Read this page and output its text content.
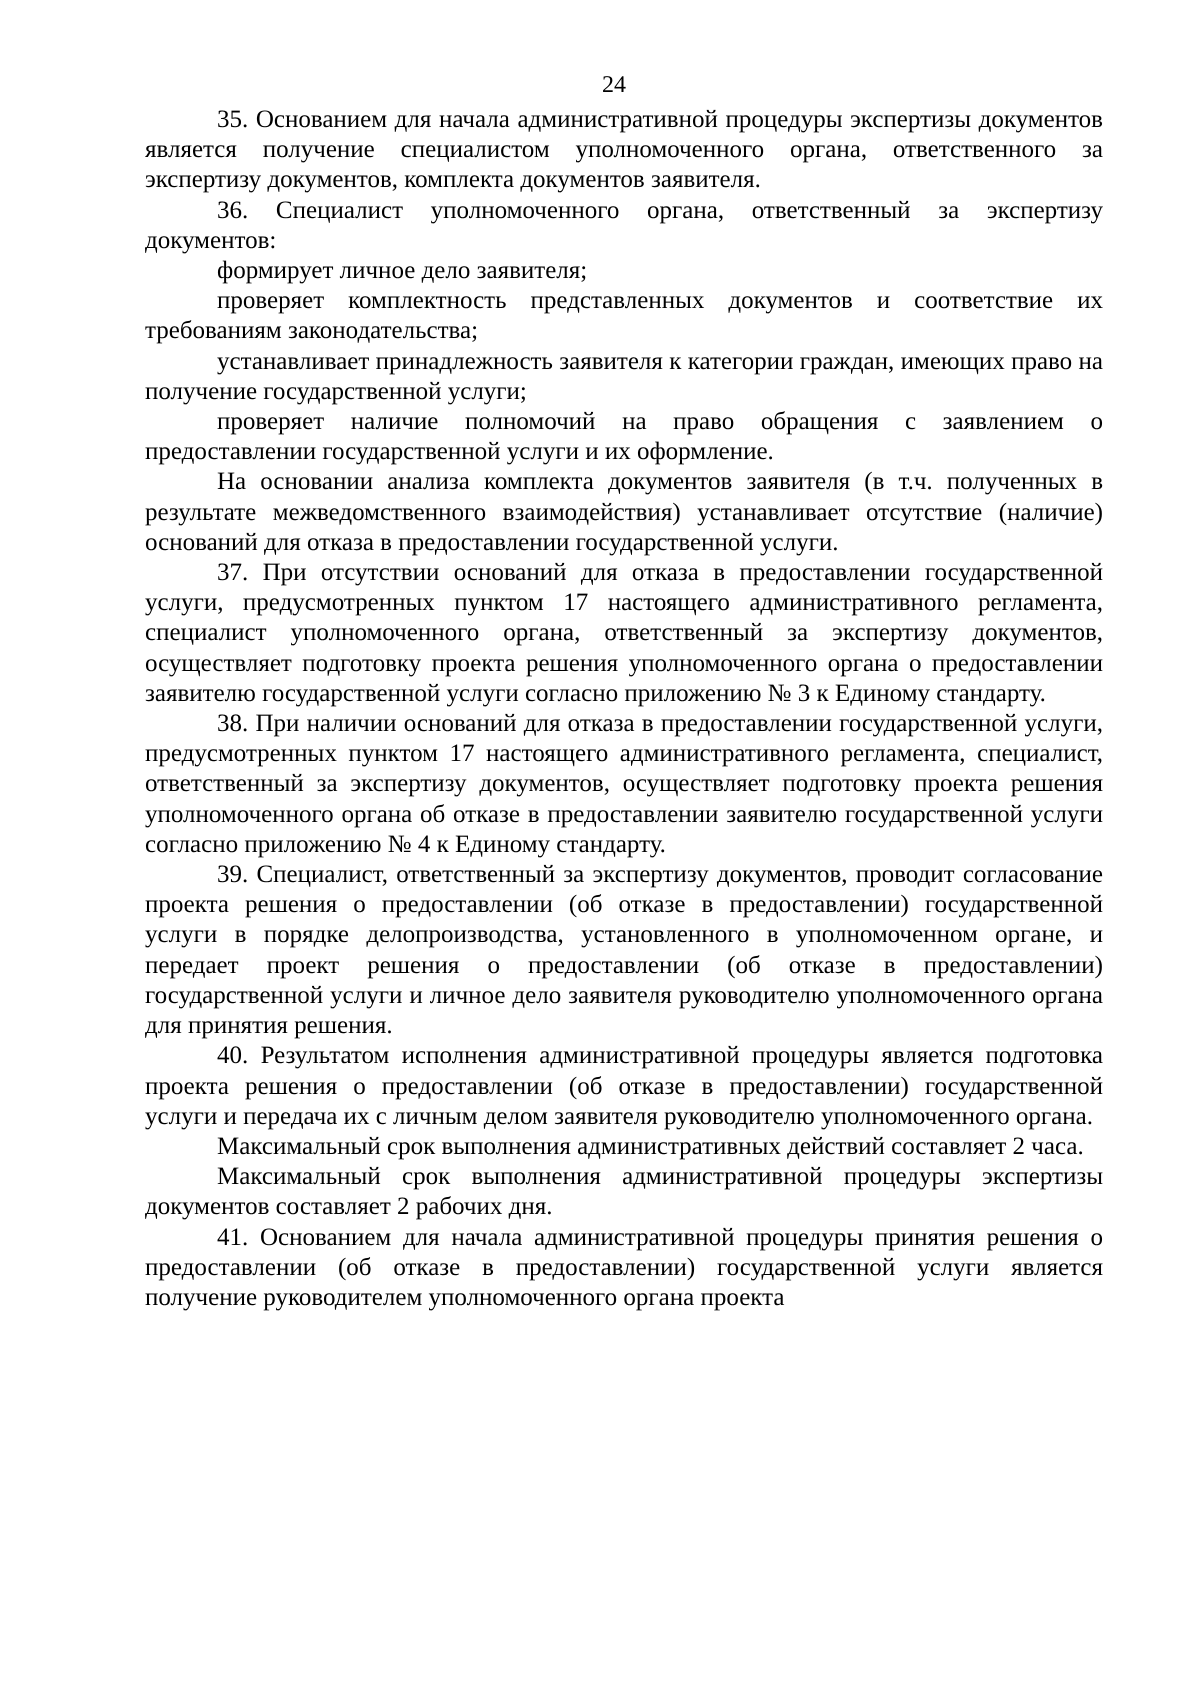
24

35. Основанием для начала административной процедуры экспертизы документов является получение специалистом уполномоченного органа, ответственного за экспертизу документов, комплекта документов заявителя.

36. Специалист уполномоченного органа, ответственный за экспертизу документов:

формирует личное дело заявителя;

проверяет комплектность представленных документов и соответствие их требованиям законодательства;

устанавливает принадлежность заявителя к категории граждан, имеющих право на получение государственной услуги;

проверяет наличие полномочий на право обращения с заявлением о предоставлении государственной услуги и их оформление.

На основании анализа комплекта документов заявителя (в т.ч. полученных в результате межведомственного взаимодействия) устанавливает отсутствие (наличие) оснований для отказа в предоставлении государственной услуги.

37. При отсутствии оснований для отказа в предоставлении государственной услуги, предусмотренных пунктом 17 настоящего административного регламента, специалист уполномоченного органа, ответственный за экспертизу документов, осуществляет подготовку проекта решения уполномоченного органа о предоставлении заявителю государственной услуги согласно приложению № 3 к Единому стандарту.

38. При наличии оснований для отказа в предоставлении государственной услуги, предусмотренных пунктом 17 настоящего административного регламента, специалист, ответственный за экспертизу документов, осуществляет подготовку проекта решения уполномоченного органа об отказе в предоставлении заявителю государственной услуги согласно приложению № 4 к Единому стандарту.

39. Специалист, ответственный за экспертизу документов, проводит согласование проекта решения о предоставлении (об отказе в предоставлении) государственной услуги в порядке делопроизводства, установленного в уполномоченном органе, и передает проект решения о предоставлении (об отказе в предоставлении) государственной услуги и личное дело заявителя руководителю уполномоченного органа для принятия решения.

40. Результатом исполнения административной процедуры является подготовка проекта решения о предоставлении (об отказе в предоставлении) государственной услуги и передача их с личным делом заявителя руководителю уполномоченного органа.

Максимальный срок выполнения административных действий составляет 2 часа.

Максимальный срок выполнения административной процедуры экспертизы документов составляет 2 рабочих дня.

41. Основанием для начала административной процедуры принятия решения о предоставлении (об отказе в предоставлении) государственной услуги является получение руководителем уполномоченного органа проекта
